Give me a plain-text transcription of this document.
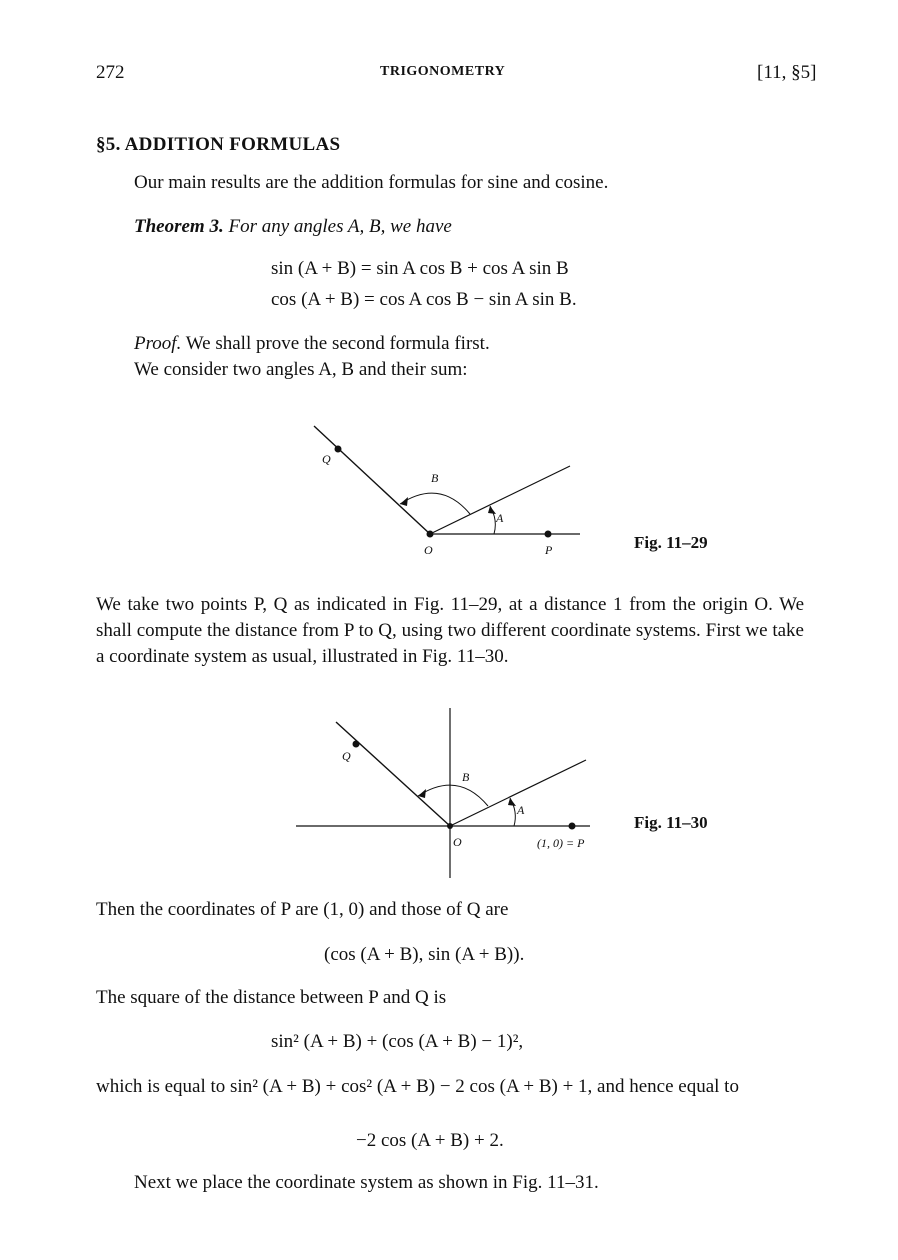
272	TRIGONOMETRY	[11, §5]
§5. ADDITION FORMULAS
Our main results are the addition formulas for sine and cosine.
Theorem 3. For any angles A, B, we have
sin (A + B) = sin A cos B + cos A sin B
cos (A + B) = cos A cos B − sin A sin B.
Proof. We shall prove the second formula first.
We consider two angles A, B and their sum:
Q
B
A
O	P	Fig. 11–29
We take two points P, Q as indicated in Fig. 11–29, at a distance 1 from the origin O. We shall compute the distance from P to Q, using two different coordinate systems. First we take a coordinate system as usual, illustrated in Fig. 11–30.
Q
B
A
O	(1, 0) = P
Fig. 11–30
Then the coordinates of P are (1, 0) and those of Q are
(cos (A + B), sin (A + B)).
The square of the distance between P and Q is
sin² (A + B) + (cos (A + B) − 1)²,
which is equal to sin² (A + B) + cos² (A + B) − 2 cos (A + B) + 1, and hence equal to
−2 cos (A + B) + 2.
Next we place the coordinate system as shown in Fig. 11–31.
